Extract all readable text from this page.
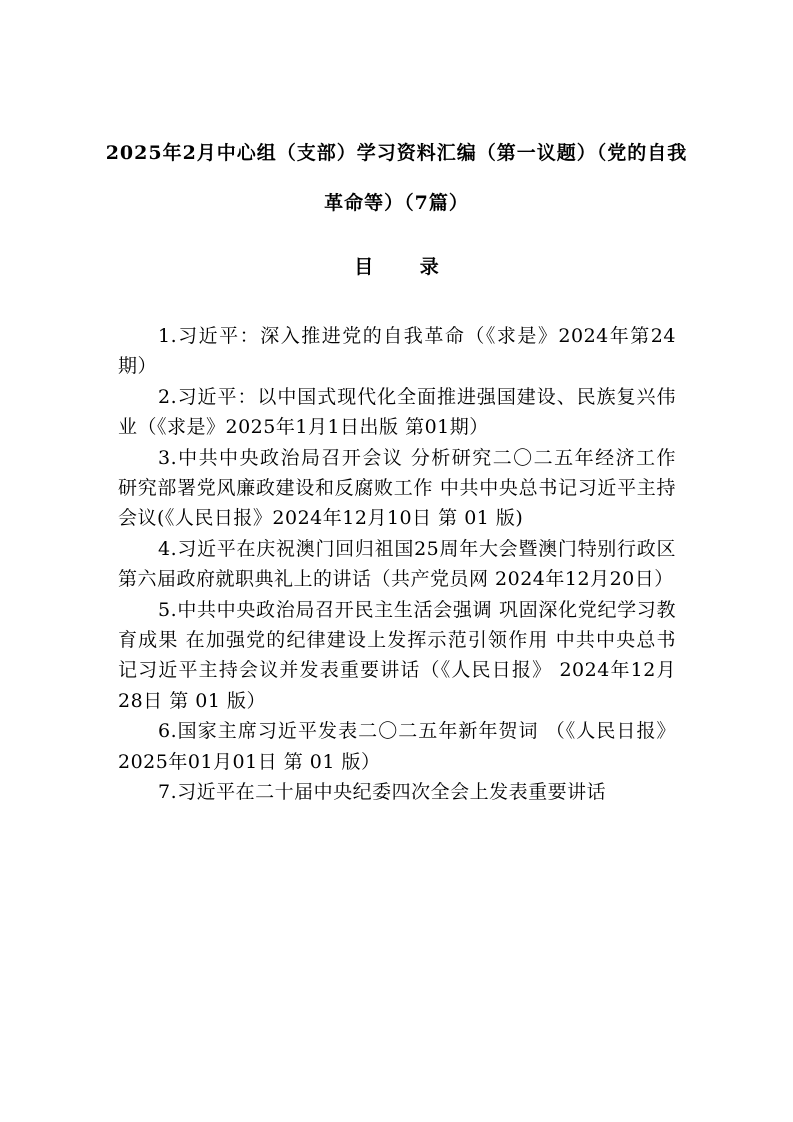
2025年2月中心组（支部）学习资料汇编（第一议题）（党的自我革命等）（7篇）
目 录
1.习近平：深入推进党的自我革命（《求是》2024年第24期）
2.习近平：以中国式现代化全面推进强国建设、民族复兴伟业（《求是》2025年1月1日出版 第01期）
3.中共中央政治局召开会议 分析研究二〇二五年经济工作 研究部署党风廉政建设和反腐败工作 中共中央总书记习近平主持会议(《人民日报》2024年12月10日 第 01 版)
4.习近平在庆祝澳门回归祖国25周年大会暨澳门特别行政区第六届政府就职典礼上的讲话（共产党员网 2024年12月20日）
5.中共中央政治局召开民主生活会强调 巩固深化党纪学习教育成果 在加强党的纪律建设上发挥示范引领作用 中共中央总书记习近平主持会议并发表重要讲话（《人民日报》 2024年12月28日 第 01 版）
6.国家主席习近平发表二〇二五年新年贺词 （《人民日报》2025年01月01日 第 01 版）
7.习近平在二十届中央纪委四次全会上发表重要讲话
